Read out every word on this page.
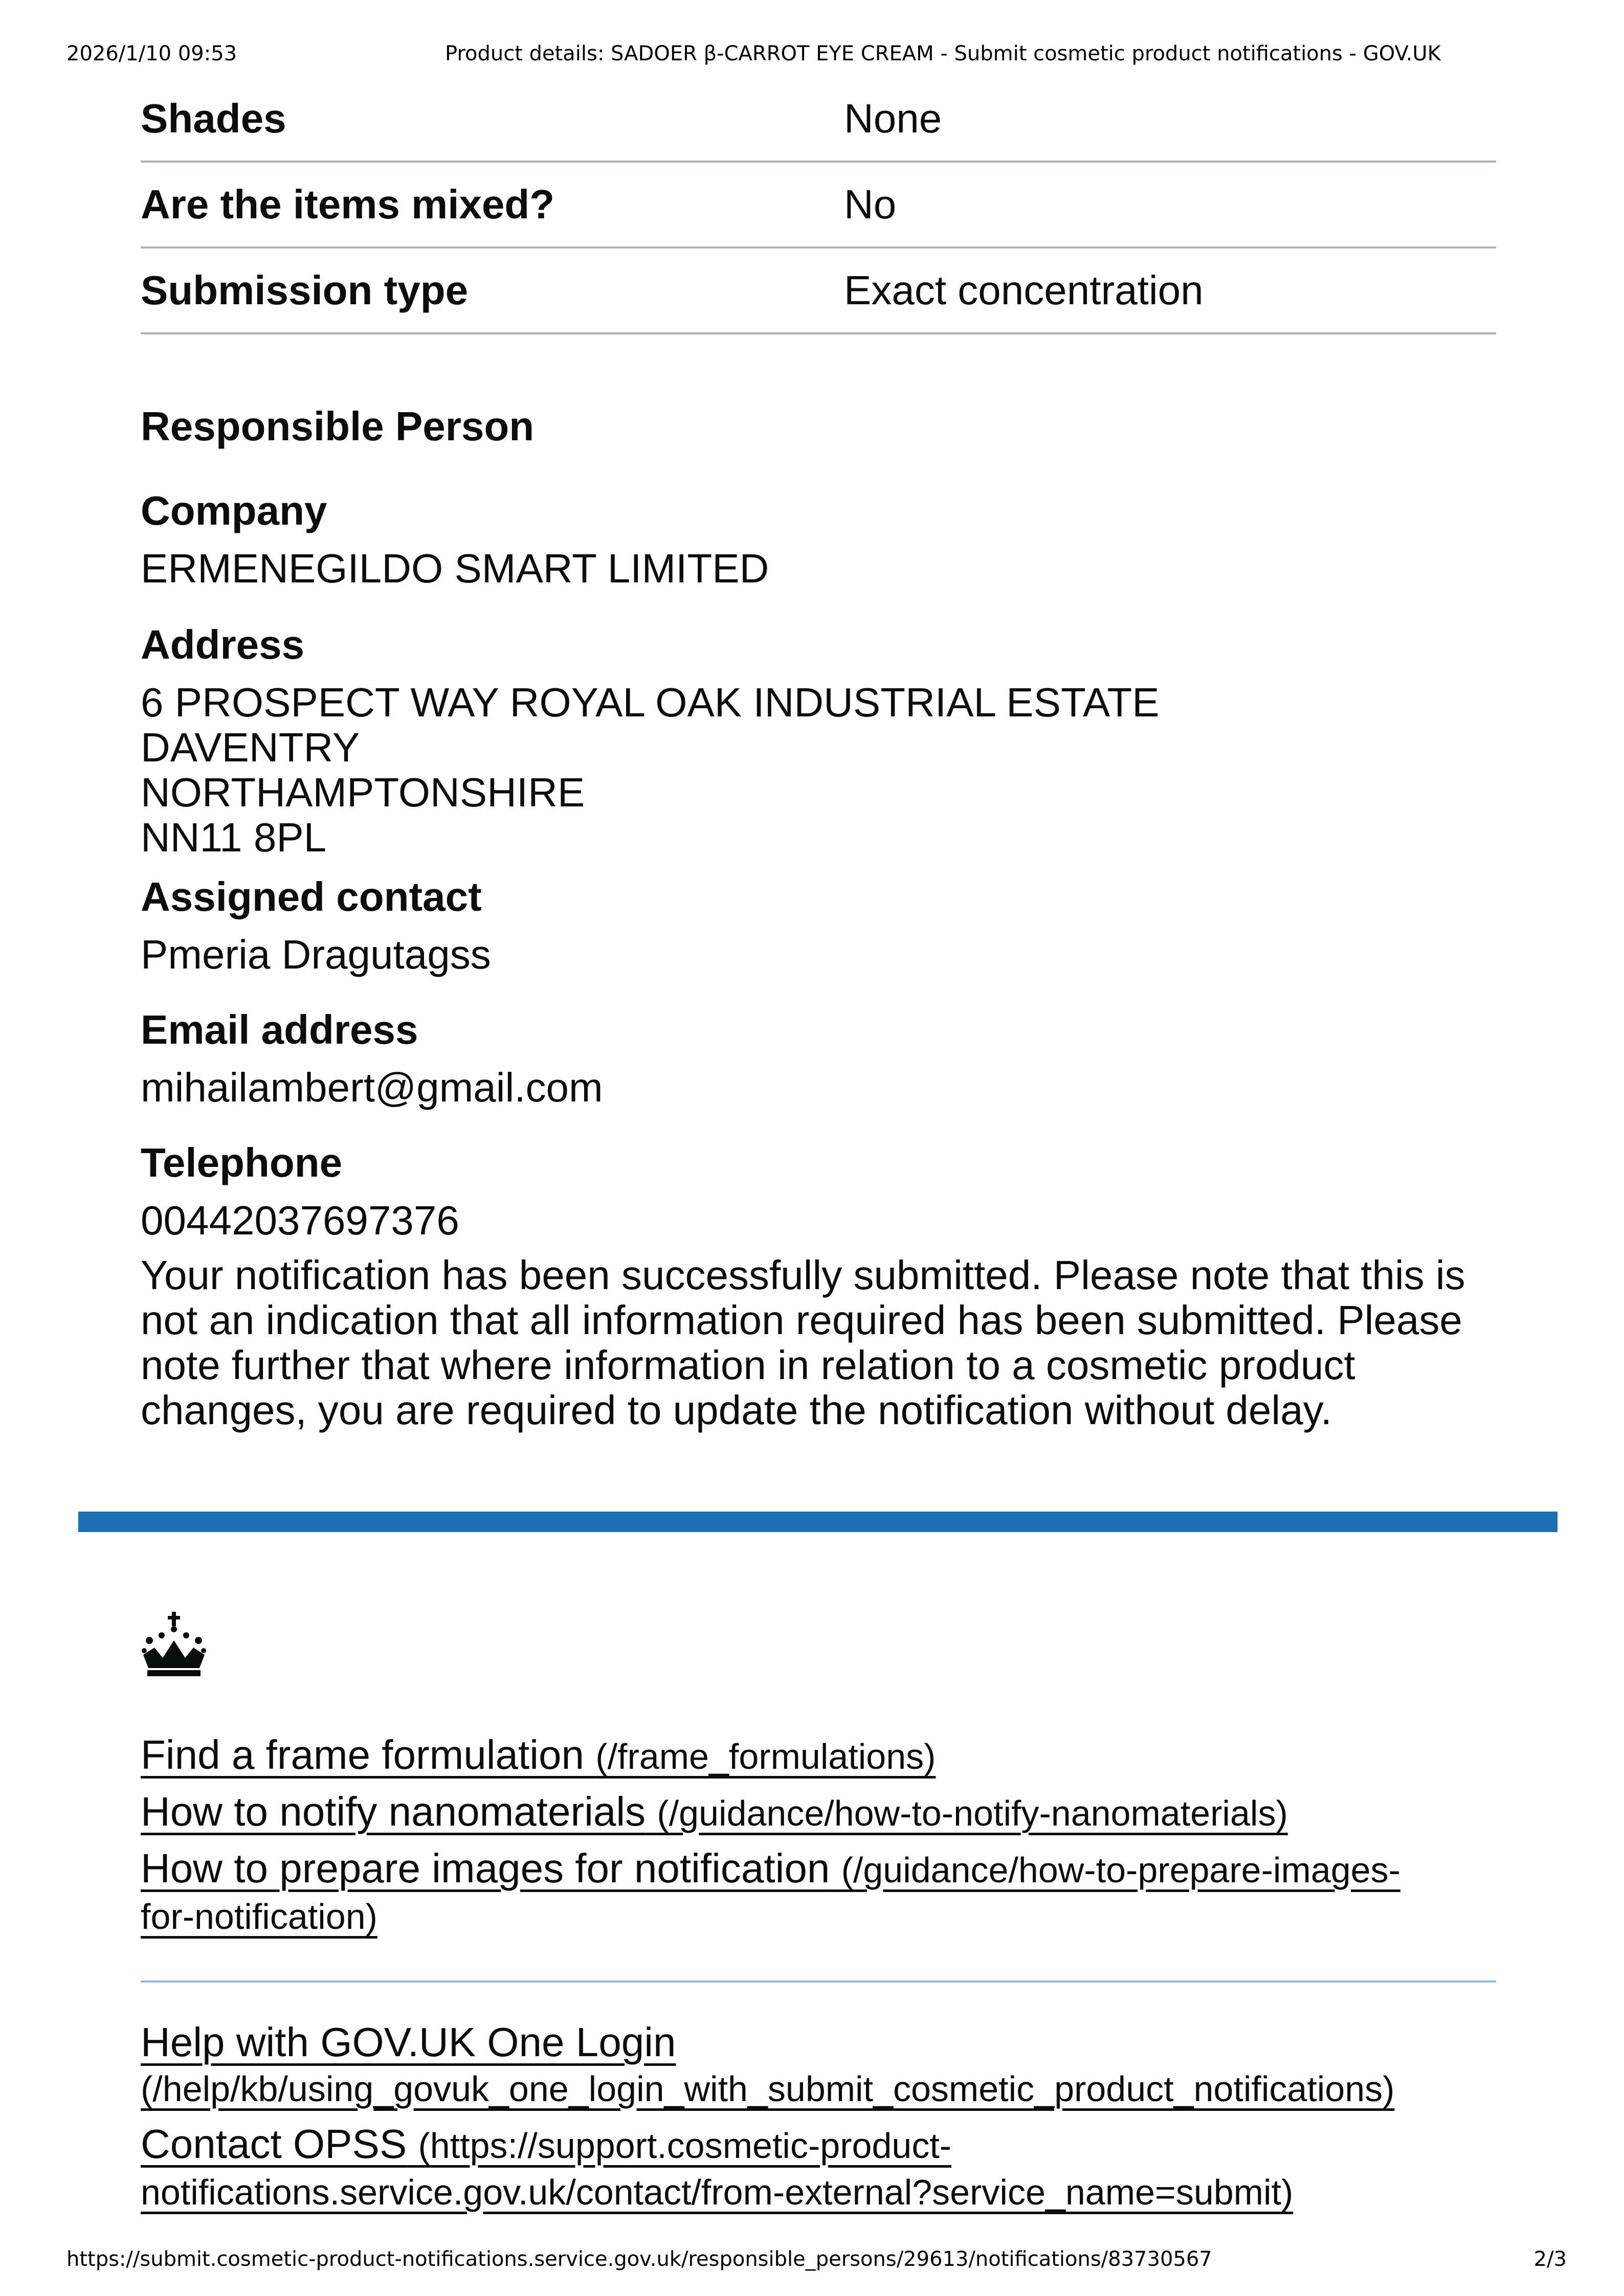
2026/1/10 09:53	Product details: SADOER β-CARROT EYE CREAM - Submit cosmetic product notifications - GOV.UK
Shades	None
Are the items mixed?	No
Submission type	Exact concentration
Responsible Person
Company
ERMENEGILDO SMART LIMITED
Address
6 PROSPECT WAY ROYAL OAK INDUSTRIAL ESTATE
DAVENTRY
NORTHAMPTONSHIRE
NN11 8PL
Assigned contact
Pmeria Dragutagss
Email address
mihailambert@gmail.com
Telephone
00442037697376
Your notification has been successfully submitted. Please note that this is not an indication that all information required has been submitted. Please note further that where information in relation to a cosmetic product changes, you are required to update the notification without delay.
Find a frame formulation (/frame_formulations)
How to notify nanomaterials (/guidance/how-to-notify-nanomaterials)
How to prepare images for notification (/guidance/how-to-prepare-images-for-notification)
Help with GOV.UK One Login
(/help/kb/using_govuk_one_login_with_submit_cosmetic_product_notifications)
Contact OPSS (https://support.cosmetic-product-notifications.service.gov.uk/contact/from-external?service_name=submit)
https://submit.cosmetic-product-notifications.service.gov.uk/responsible_persons/29613/notifications/83730567	2/3
